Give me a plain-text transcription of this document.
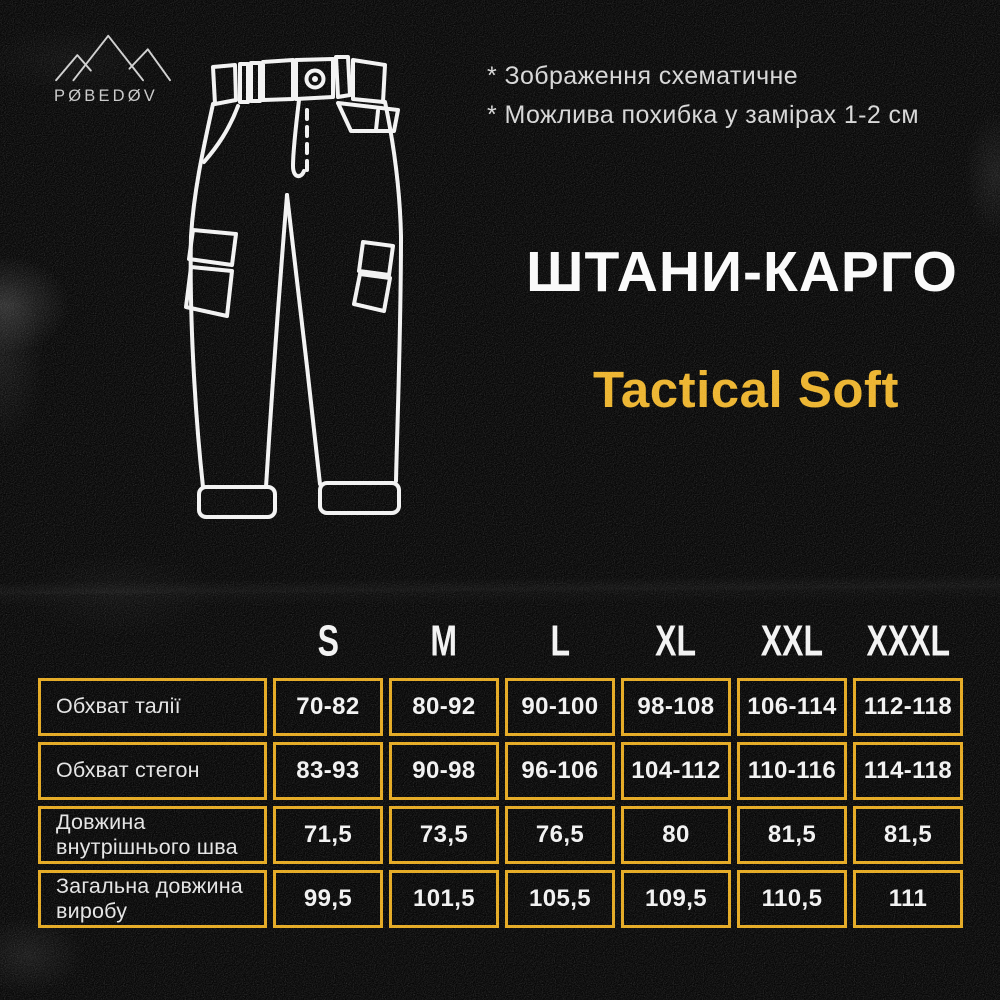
PØBEDØV
* Зображення схематичне
* Можлива похибка у замірах 1-2 см
ШТАНИ-КАРГО
Tactical Soft
S M L XL XXL XXXL
Обхват талії	70-82	80-92	90-100	98-108	106-114	112-118
Обхват стегон	83-93	90-98	96-106	104-112	110-116	114-118
Довжина внутрішнього шва	71,5	73,5	76,5	80	81,5	81,5
Загальна довжина виробу	99,5	101,5	105,5	109,5	110,5	111
